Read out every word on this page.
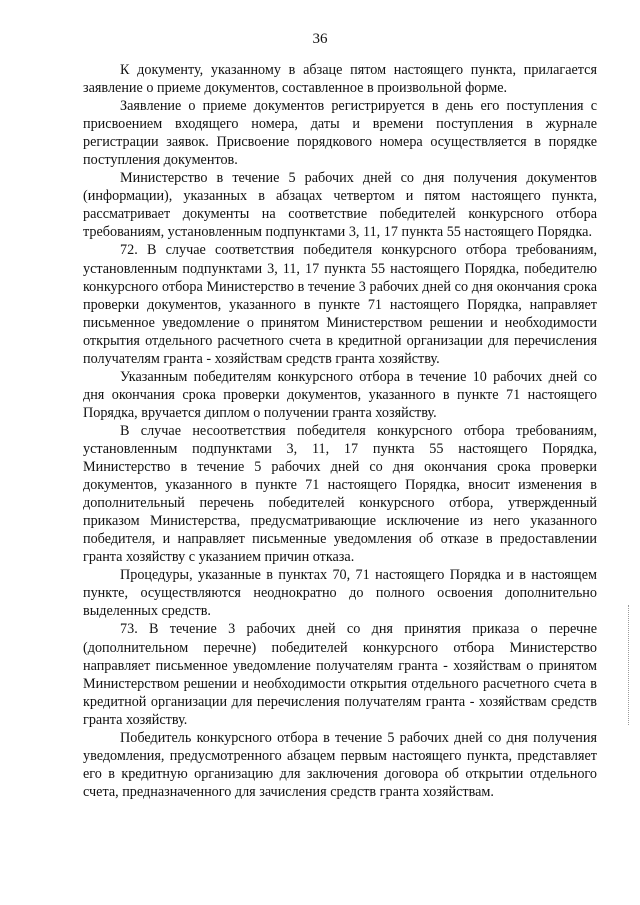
36

К документу, указанному в абзаце пятом настоящего пункта, прилагается заявление о приеме документов, составленное в произвольной форме.

Заявление о приеме документов регистрируется в день его поступления с присвоением входящего номера, даты и времени поступления в журнале регистрации заявок. Присвоение порядкового номера осуществляется в порядке поступления документов.

Министерство в течение 5 рабочих дней со дня получения документов (информации), указанных в абзацах четвертом и пятом настоящего пункта, рассматривает документы на соответствие победителей конкурсного отбора требованиям, установленным подпунктами 3, 11, 17 пункта 55 настоящего Порядка.

72. В случае соответствия победителя конкурсного отбора требованиям, установленным подпунктами 3, 11, 17 пункта 55 настоящего Порядка, победителю конкурсного отбора Министерство в течение 3 рабочих дней со дня окончания срока проверки документов, указанного в пункте 71 настоящего Порядка, направляет письменное уведомление о принятом Министерством решении и необходимости открытия отдельного расчетного счета в кредитной организации для перечисления получателям гранта - хозяйствам средств гранта хозяйству.

Указанным победителям конкурсного отбора в течение 10 рабочих дней со дня окончания срока проверки документов, указанного в пункте 71 настоящего Порядка, вручается диплом о получении гранта хозяйству.

В случае несоответствия победителя конкурсного отбора требованиям, установленным подпунктами 3, 11, 17 пункта 55 настоящего Порядка, Министерство в течение 5 рабочих дней со дня окончания срока проверки документов, указанного в пункте 71 настоящего Порядка, вносит изменения в дополнительный перечень победителей конкурсного отбора, утвержденный приказом Министерства, предусматривающие исключение из него указанного победителя, и направляет письменные уведомления об отказе в предоставлении гранта хозяйству с указанием причин отказа.

Процедуры, указанные в пунктах 70, 71 настоящего Порядка и в настоящем пункте, осуществляются неоднократно до полного освоения дополнительно выделенных средств.

73. В течение 3 рабочих дней со дня принятия приказа о перечне (дополнительном перечне) победителей конкурсного отбора Министерство направляет письменное уведомление получателям гранта - хозяйствам о принятом Министерством решении и необходимости открытия отдельного расчетного счета в кредитной организации для перечисления получателям гранта - хозяйствам средств гранта хозяйству.

Победитель конкурсного отбора в течение 5 рабочих дней со дня получения уведомления, предусмотренного абзацем первым настоящего пункта, представляет его в кредитную организацию для заключения договора об открытии отдельного счета, предназначенного для зачисления средств гранта хозяйствам.
